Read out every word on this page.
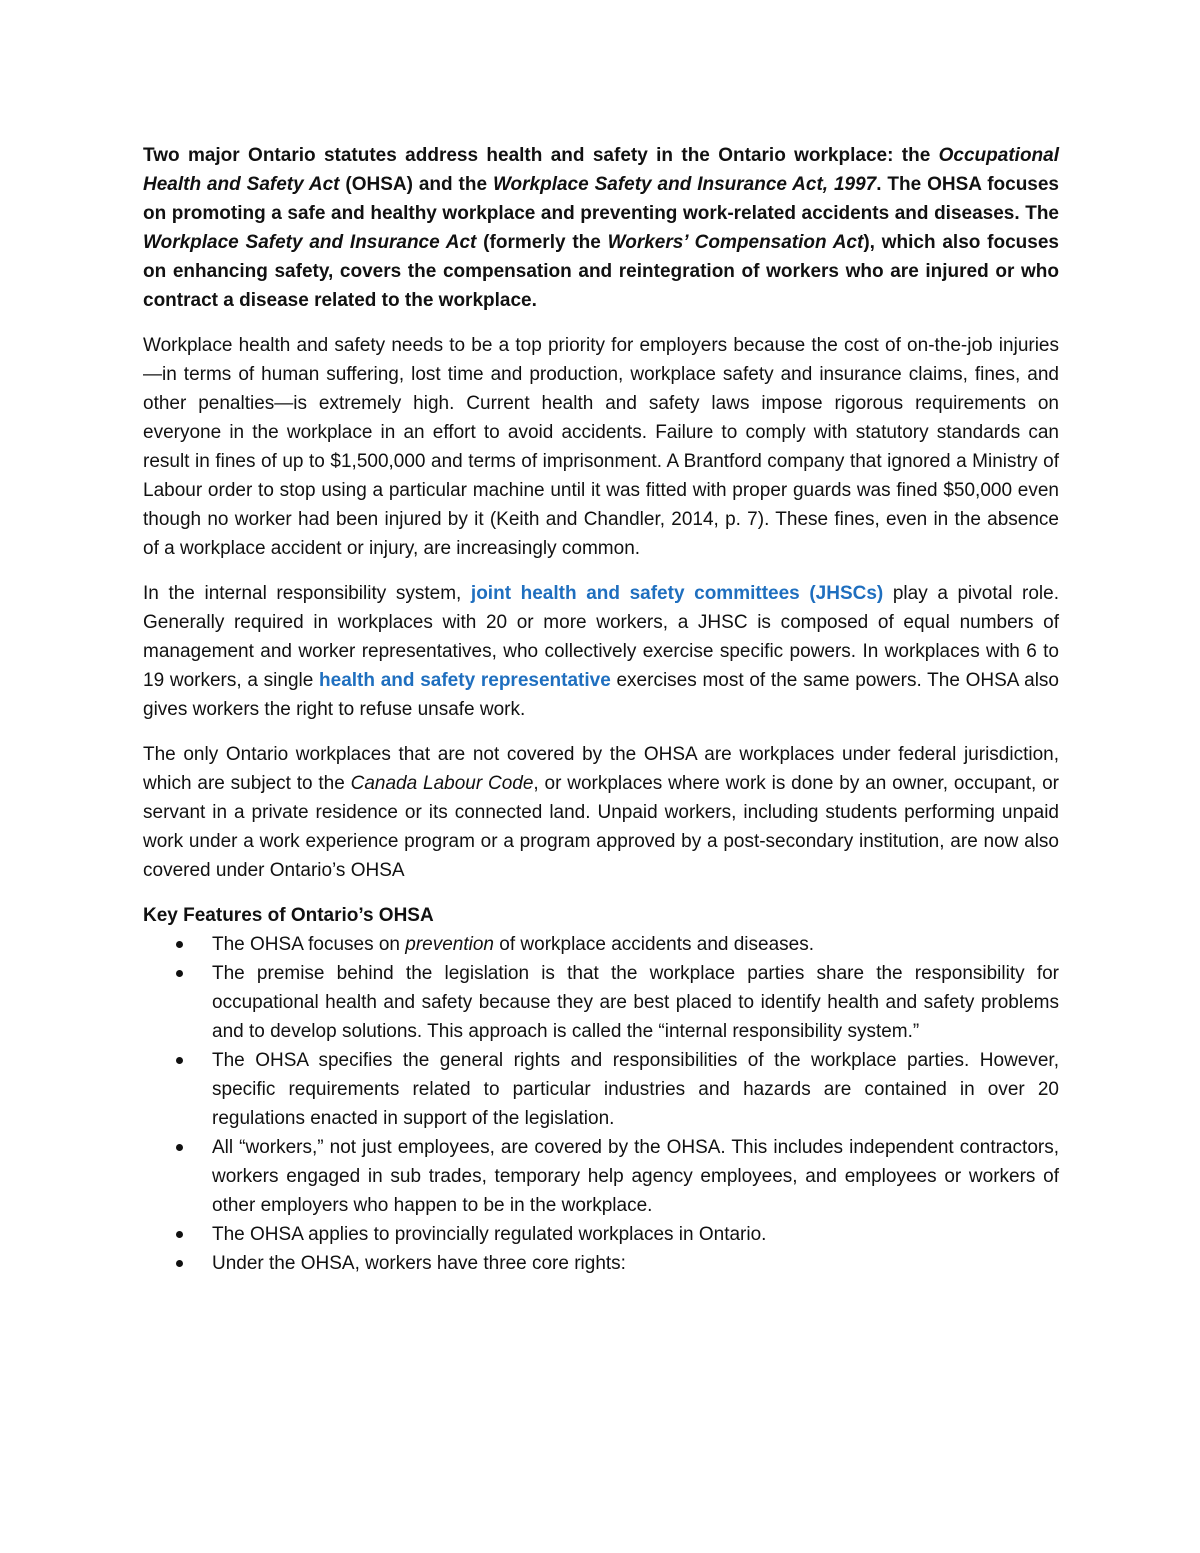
Two major Ontario statutes address health and safety in the Ontario workplace: the Occupational Health and Safety Act (OHSA) and the Workplace Safety and Insurance Act, 1997. The OHSA focuses on promoting a safe and healthy workplace and preventing work-related accidents and diseases. The Workplace Safety and Insurance Act (formerly the Workers’ Compensation Act), which also focuses on enhancing safety, covers the compensation and reintegration of workers who are injured or who contract a disease related to the workplace.

Workplace health and safety needs to be a top priority for employers because the cost of on-the-job injuries—in terms of human suffering, lost time and production, workplace safety and insurance claims, fines, and other penalties—is extremely high. Current health and safety laws impose rigorous requirements on everyone in the workplace in an effort to avoid accidents. Failure to comply with statutory standards can result in fines of up to $1,500,000 and terms of imprisonment. A Brantford company that ignored a Ministry of Labour order to stop using a particular machine until it was fitted with proper guards was fined $50,000 even though no worker had been injured by it (Keith and Chandler, 2014, p. 7). These fines, even in the absence of a workplace accident or injury, are increasingly common.

In the internal responsibility system, joint health and safety committees (JHSCs) play a pivotal role. Generally required in workplaces with 20 or more workers, a JHSC is composed of equal numbers of management and worker representatives, who collectively exercise specific powers. In workplaces with 6 to 19 workers, a single health and safety representative exercises most of the same powers. The OHSA also gives workers the right to refuse unsafe work.

The only Ontario workplaces that are not covered by the OHSA are workplaces under federal jurisdiction, which are subject to the Canada Labour Code, or workplaces where work is done by an owner, occupant, or servant in a private residence or its connected land. Unpaid workers, including students performing unpaid work under a work experience program or a program approved by a post-secondary institution, are now also covered under Ontario’s OHSA

Key Features of Ontario’s OHSA
The OHSA focuses on prevention of workplace accidents and diseases.
The premise behind the legislation is that the workplace parties share the responsibility for occupational health and safety because they are best placed to identify health and safety problems and to develop solutions. This approach is called the “internal responsibility system.”
The OHSA specifies the general rights and responsibilities of the workplace parties. However, specific requirements related to particular industries and hazards are contained in over 20 regulations enacted in support of the legislation.
All “workers,” not just employees, are covered by the OHSA. This includes independent contractors, workers engaged in sub trades, temporary help agency employees, and employees or workers of other employers who happen to be in the workplace.
The OHSA applies to provincially regulated workplaces in Ontario.
Under the OHSA, workers have three core rights:
